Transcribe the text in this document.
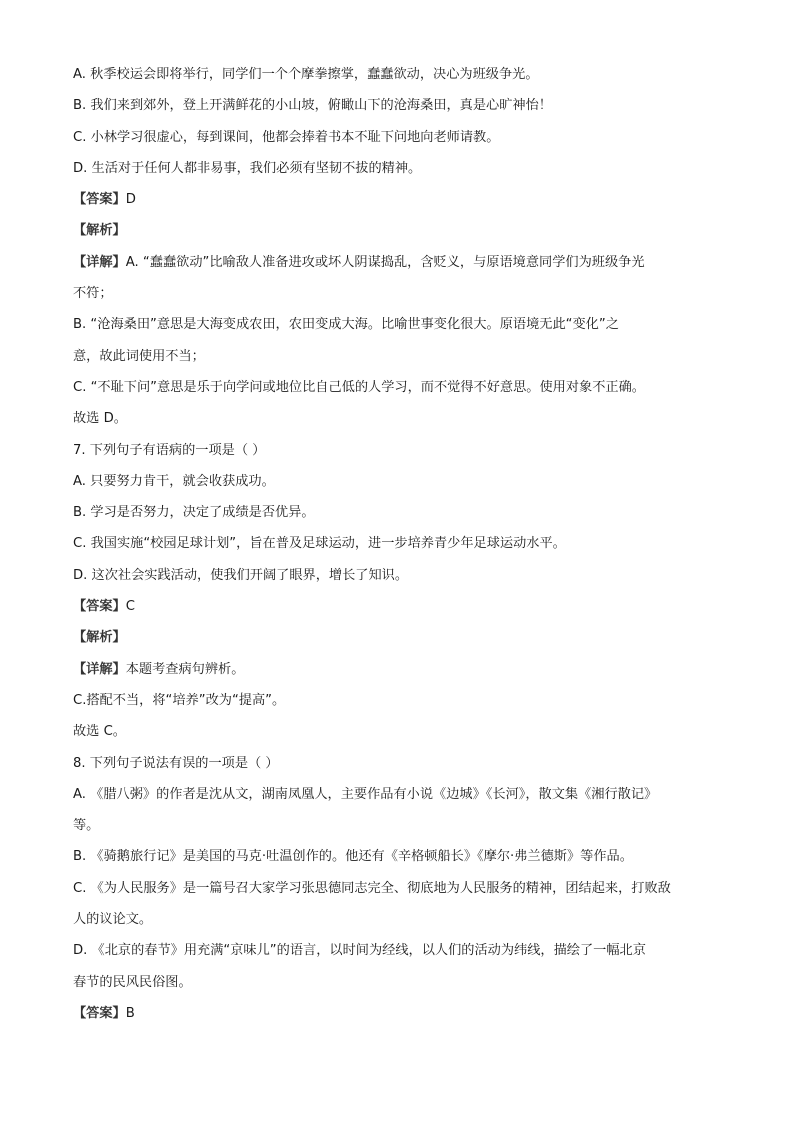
A. 秋季校运会即将举行，同学们一个个摩拳擦掌，蠢蠢欲动，决心为班级争光。
B. 我们来到郊外，登上开满鲜花的小山坡，俯瞰山下的沧海桑田，真是心旷神怡！
C. 小林学习很虚心，每到课间，他都会捧着书本不耻下问地向老师请教。
D. 生活对于任何人都非易事，我们必须有坚韧不拔的精神。
【答案】D
【解析】
【详解】A. “蠢蠢欲动”比喻敌人准备进攻或坏人阴谋捣乱，含贬义，与原语境意同学们为班级争光
不符；
B. “沧海桑田”意思是大海变成农田，农田变成大海。比喻世事变化很大。原语境无此“变化”之
意，故此词使用不当；
C. “不耻下问”意思是乐于向学问或地位比自己低的人学习，而不觉得不好意思。使用对象不正确。
故选 D。
7. 下列句子有语病的一项是（ ）
A. 只要努力肯干，就会收获成功。
B. 学习是否努力，决定了成绩是否优异。
C. 我国实施“校园足球计划”，旨在普及足球运动，进一步培养青少年足球运动水平。
D. 这次社会实践活动，使我们开阔了眼界，增长了知识。
【答案】C
【解析】
【详解】本题考查病句辨析。
C.搭配不当，将“培养”改为“提高”。
故选 C。
8. 下列句子说法有误的一项是（ ）
A. 《腊八粥》的作者是沈从文，湖南凤凰人，主要作品有小说《边城》《长河》，散文集《湘行散记》
等。
B. 《骑鹅旅行记》是美国的马克·吐温创作的。他还有《辛格顿船长》《摩尔·弗兰德斯》等作品。
C. 《为人民服务》是一篇号召大家学习张思德同志完全、彻底地为人民服务的精神，团结起来，打败敌
人的议论文。
D. 《北京的春节》用充满“京味儿”的语言，以时间为经线，以人们的活动为纬线，描绘了一幅北京
春节的民风民俗图。
【答案】B
